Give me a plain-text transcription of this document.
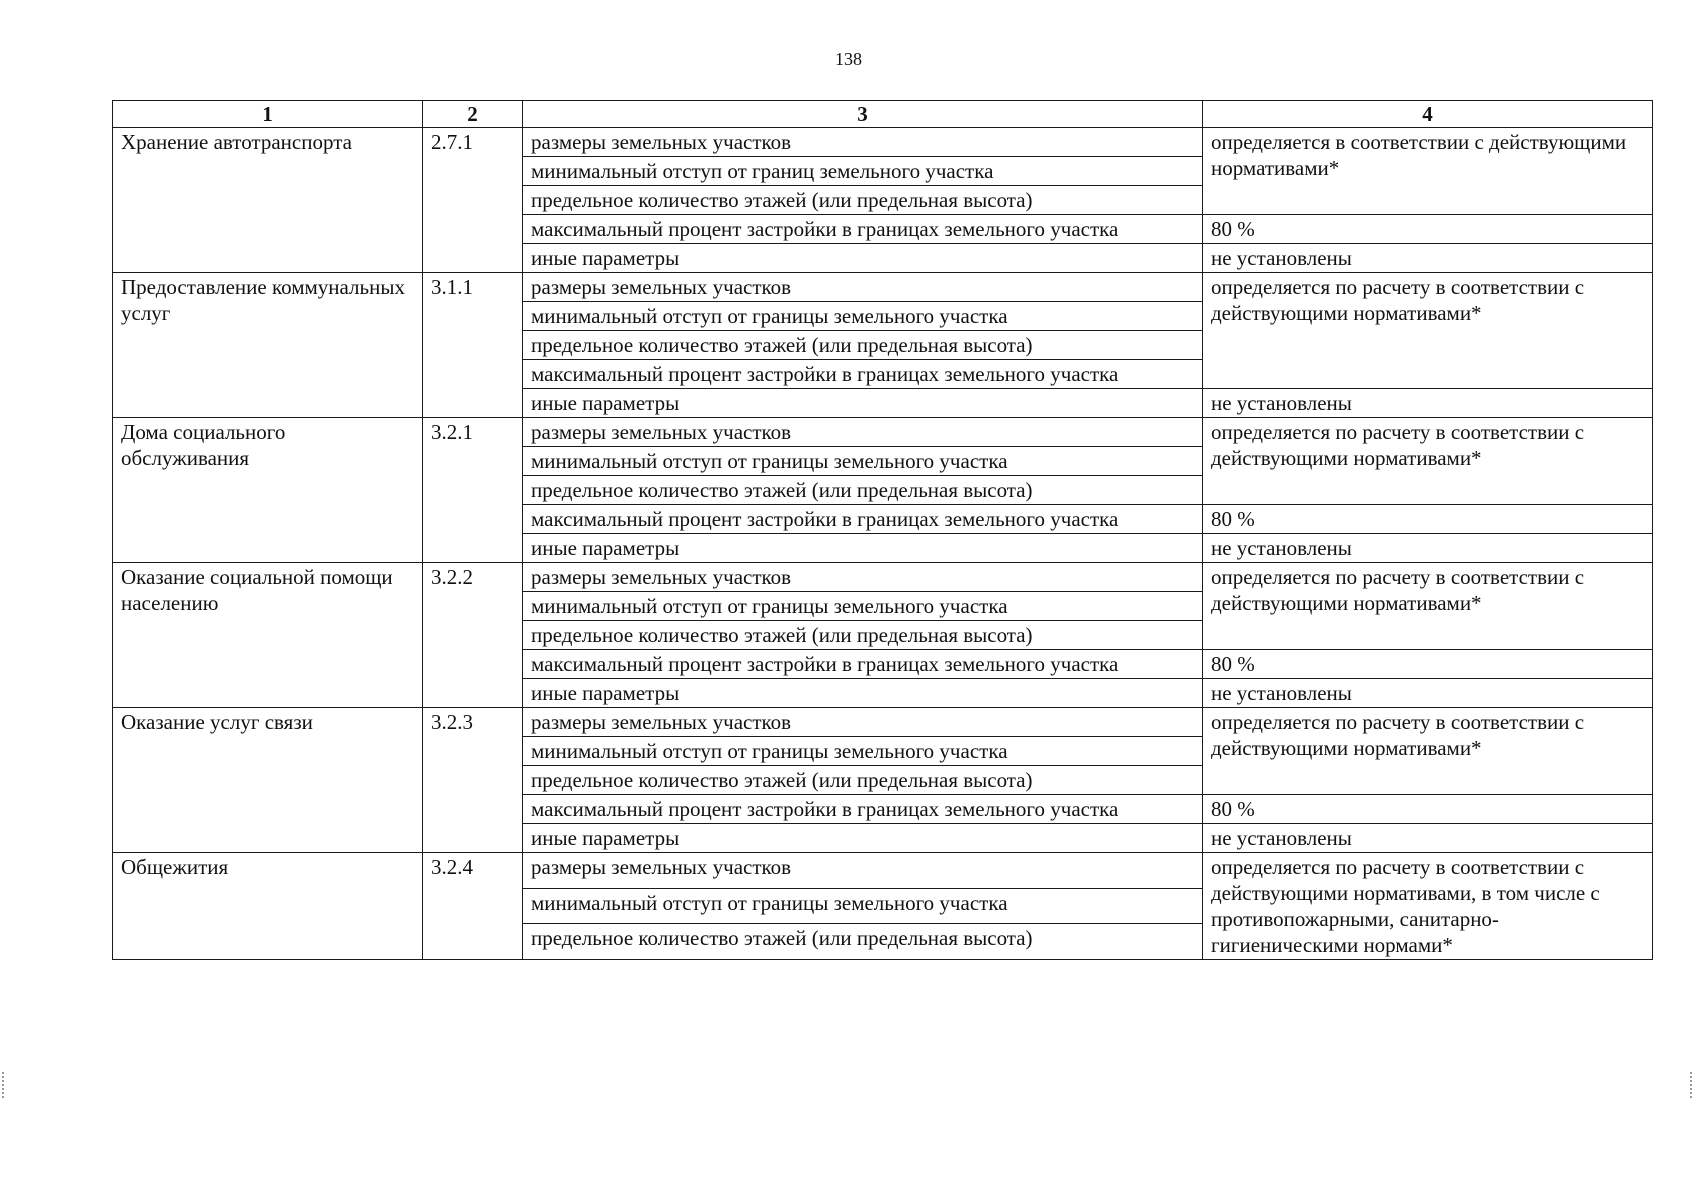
138
1	2	3	4
Хранение автотранспорта	2.7.1	размеры земельных участков	определяется в соответствии с действующими нормативами*
		минимальный отступ от границ земельного участка	
		предельное количество этажей (или предельная высота)	
		максимальный процент застройки в границах земельного участка	80 %
		иные параметры	не установлены
Предоставление коммунальных услуг	3.1.1	размеры земельных участков	определяется по расчету в соответствии с действующими нормативами*
		минимальный отступ от границы земельного участка	
		предельное количество этажей (или предельная высота)	
		максимальный процент застройки в границах земельного участка	
		иные параметры	не установлены
Дома социального обслуживания	3.2.1	размеры земельных участков	определяется по расчету в соответствии с действующими нормативами*
		минимальный отступ от границы земельного участка	
		предельное количество этажей (или предельная высота)	
		максимальный процент застройки в границах земельного участка	80 %
		иные параметры	не установлены
Оказание социальной помощи населению	3.2.2	размеры земельных участков	определяется по расчету в соответствии с действующими нормативами*
		минимальный отступ от границы земельного участка	
		предельное количество этажей (или предельная высота)	
		максимальный процент застройки в границах земельного участка	80 %
		иные параметры	не установлены
Оказание услуг связи	3.2.3	размеры земельных участков	определяется по расчету в соответствии с действующими нормативами*
		минимальный отступ от границы земельного участка	
		предельное количество этажей (или предельная высота)	
		максимальный процент застройки в границах земельного участка	80 %
		иные параметры	не установлены
Общежития	3.2.4	размеры земельных участков	определяется по расчету в соответствии с действующими нормативами, в том числе с противопожарными, санитарно-гигиеническими нормами*
		минимальный отступ от границы земельного участка	
		предельное количество этажей (или предельная высота)	
